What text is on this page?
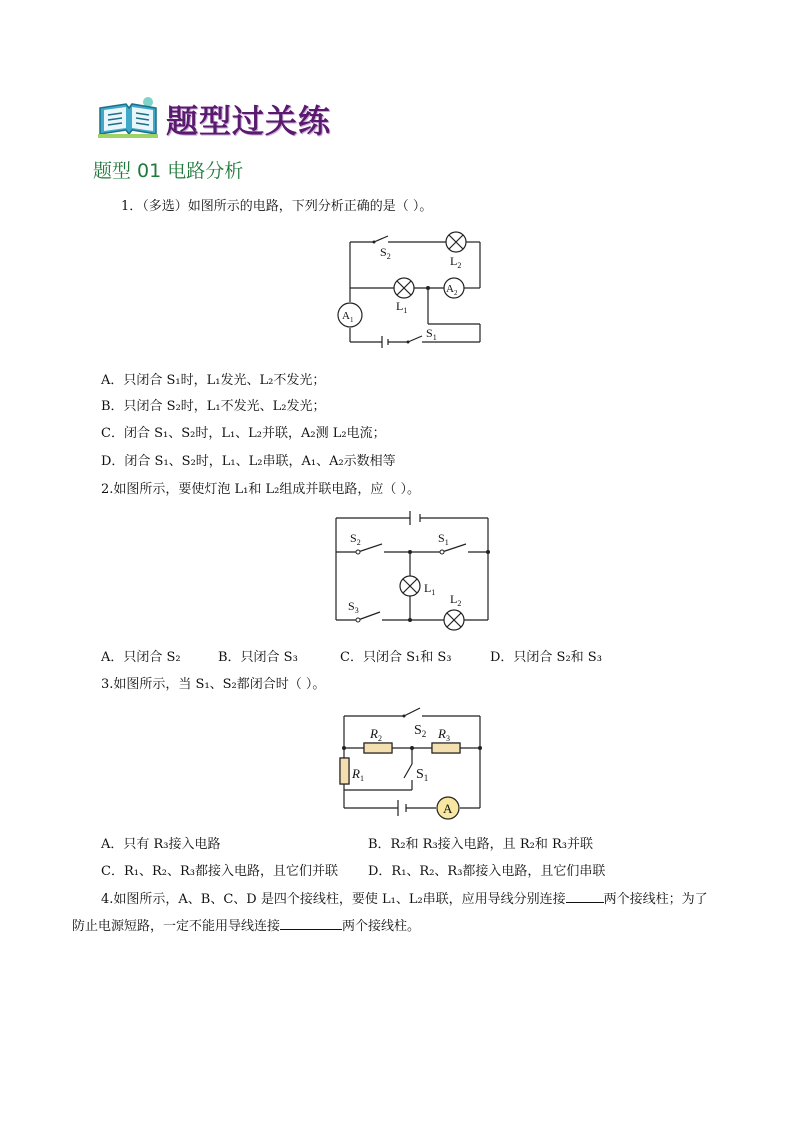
题型过关练
题型 01 电路分析
1．（多选）如图所示的电路，下列分析正确的是（ ）。
$S_2$	$L_2$
$L_1$
$A_2$
$A_1$
$S_1$
A．只闭合 S₁时，L₁发光、L₂不发光；
B．只闭合 S₂时，L₁不发光、L₂发光；
C．闭合 S₁、S₂时，L₁、L₂并联，A₂测 L₂电流；
D．闭合 S₁、S₂时，L₁、L₂串联，A₁、A₂示数相等
2.如图所示，要使灯泡 L₁和 L₂组成并联电路，应（ ）。
$S_2$	$S_1$
$L_1$ $L_2$
$S_3$
A．只闭合 S₂	B．只闭合 S₃	C．只闭合 S₁和 S₃	D．只闭合 S₂和 S₃
3.如图所示，当 S₁、S₂都闭合时（ ）。
A
$R_2$	$R_3$
$S_2$
$S_1$
$R_1$
A．只有 R₃接入电路	B．R₂和 R₃接入电路，且 R₂和 R₃并联
C．R₁、R₂、R₃都接入电路，且它们并联 D．R₁、R₂、R₃都接入电路，且它们串联
4.如图所示，A、B、C、D 是四个接线柱，要使 L₁、L₂串联，应用导线分别连接	两个接线柱；为了
防止电源短路，一定不能用导线连接	两个接线柱。
